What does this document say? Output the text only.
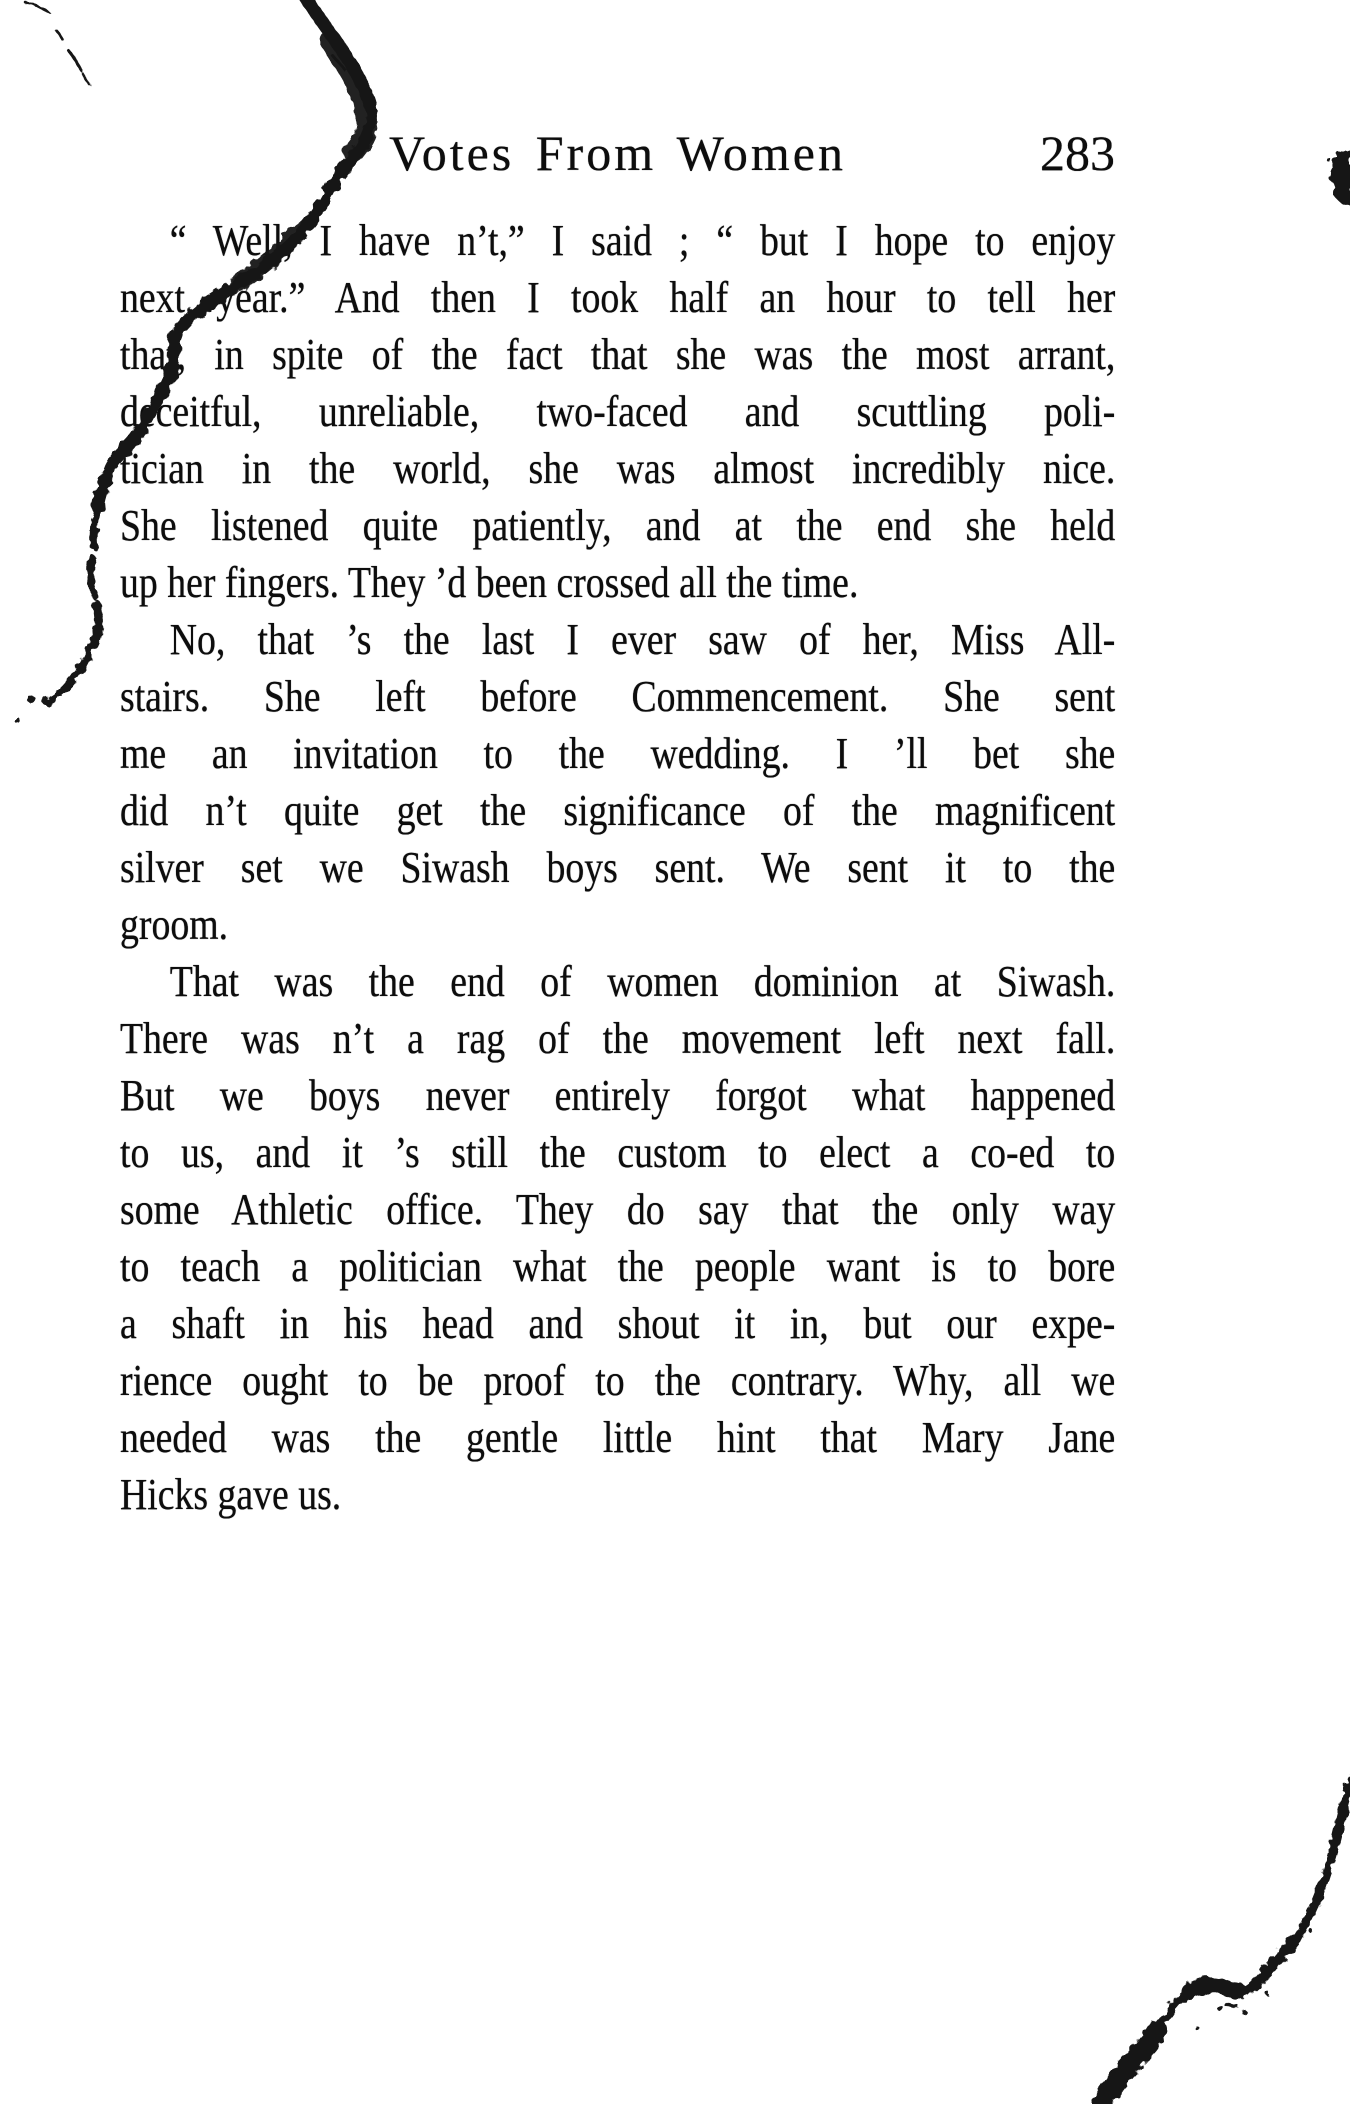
Votes From Women	283
“ Well, I have n’t,” I said ; “ but I hope to enjoy
next year.” And then I took half an hour to tell her
that, in spite of the fact that she was the most arrant,
deceitful, unreliable, two-faced and scuttling poli-
tician in the world, she was almost incredibly nice.
She listened quite patiently, and at the end she held
up her fingers. They ’d been crossed all the time.
No, that ’s the last I ever saw of her, Miss All-
stairs. She left before Commencement. She sent
me an invitation to the wedding. I ’ll bet she
did n’t quite get the significance of the magnificent
silver set we Siwash boys sent. We sent it to the
groom.
That was the end of women dominion at Siwash.
There was n’t a rag of the movement left next fall.
But we boys never entirely forgot what happened
to us, and it ’s still the custom to elect a co-ed to
some Athletic office. They do say that the only way
to teach a politician what the people want is to bore
a shaft in his head and shout it in, but our expe-
rience ought to be proof to the contrary. Why, all we
needed was the gentle little hint that Mary Jane
Hicks gave us.
